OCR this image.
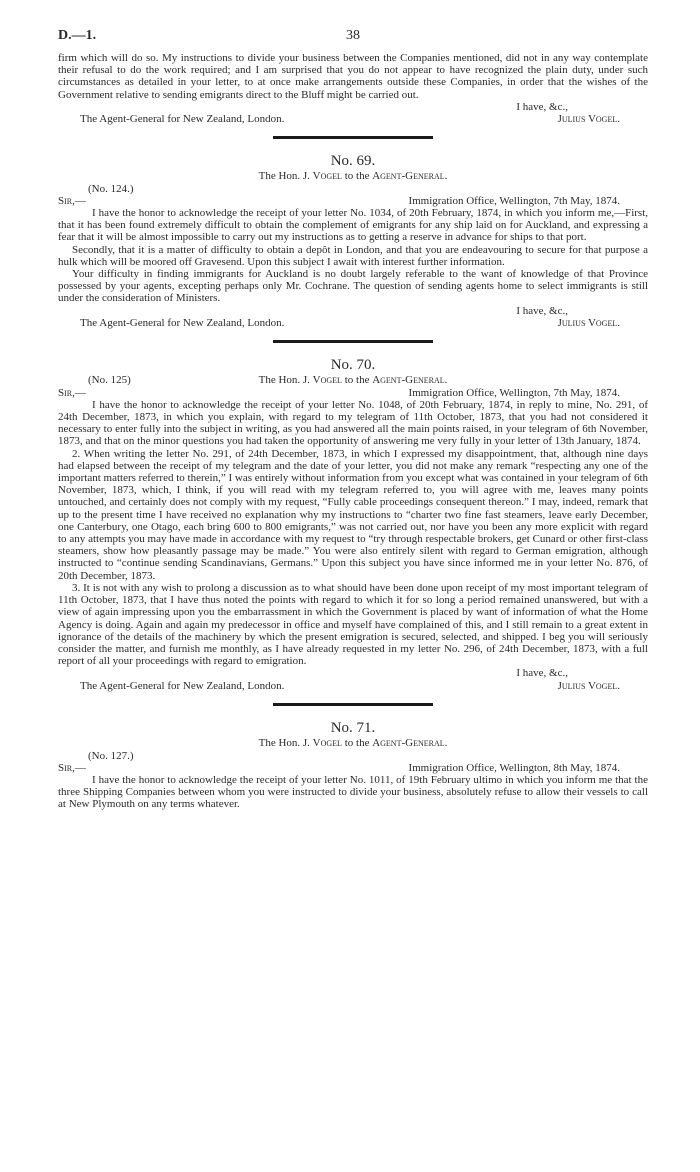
D.—1.	38

firm which will do so. My instructions to divide your business between the Companies mentioned, did not in any way contemplate their refusal to do the work required; and I am surprised that you do not appear to have recognized the plain duty, under such circumstances as detailed in your letter, to at once make arrangements outside these Companies, in order that the wishes of the Government relative to sending emigrants direct to the Bluff might be carried out.

I have, &c.,
The Agent-General for New Zealand, London.	Julius Vogel.
No. 69.
The Hon. J. Vogel to the Agent-General.
(No. 124.)
Sir,—	Immigration Office, Wellington, 7th May, 1874.

I have the honor to acknowledge the receipt of your letter No. 1034, of 20th February, 1874, in which you inform me,—First, that it has been found extremely difficult to obtain the complement of emigrants for any ship laid on for Auckland, and expressing a fear that it will be almost impossible to carry out my instructions as to getting a reserve in advance for ships to that port.

Secondly, that it is a matter of difficulty to obtain a depôt in London, and that you are endeavouring to secure for that purpose a hulk which will be moored off Gravesend. Upon this subject I await with interest further information.

Your difficulty in finding immigrants for Auckland is no doubt largely referable to the want of knowledge of that Province possessed by your agents, excepting perhaps only Mr. Cochrane. The question of sending agents home to select immigrants is still under the consideration of Ministers.

I have, &c.,
The Agent-General for New Zealand, London.	Julius Vogel.
No. 70.
(No. 125)	The Hon. J. Vogel to the Agent-General.
Sir,—	Immigration Office, Wellington, 7th May, 1874.

I have the honor to acknowledge the receipt of your letter No. 1048, of 20th February, 1874, in reply to mine, No. 291, of 24th December, 1873, in which you explain, with regard to my telegram of 11th October, 1873, that you had not considered it necessary to enter fully into the subject in writing, as you had answered all the main points raised, in your telegram of 6th November, 1873, and that on the minor questions you had taken the opportunity of answering me very fully in your letter of 13th January, 1874.

2. When writing the letter No. 291, of 24th December, 1873, in which I expressed my disappointment, that, although nine days had elapsed between the receipt of my telegram and the date of your letter, you did not make any remark “respecting any one of the important matters referred to therein,” I was entirely without information from you except what was contained in your telegram of 6th November, 1873, which, I think, if you will read with my telegram referred to, you will agree with me, leaves many points untouched, and certainly does not comply with my request, “Fully cable proceedings consequent thereon.” I may, indeed, remark that up to the present time I have received no explanation why my instructions to “charter two fine fast steamers, leave early December, one Canterbury, one Otago, each bring 600 to 800 emigrants,” was not carried out, nor have you been any more explicit with regard to any attempts you may have made in accordance with my request to “try through respectable brokers, get Cunard or other first-class steamers, show how pleasantly passage may be made.” You were also entirely silent with regard to German emigration, although instructed to “continue sending Scandinavians, Germans.” Upon this subject you have since informed me in your letter No. 876, of 20th December, 1873.

3. It is not with any wish to prolong a discussion as to what should have been done upon receipt of my most important telegram of 11th October, 1873, that I have thus noted the points with regard to which it for so long a period remained unanswered, but with a view of again impressing upon you the embarrassment in which the Government is placed by want of information of what the Home Agency is doing. Again and again my predecessor in office and myself have complained of this, and I still remain to a great extent in ignorance of the details of the machinery by which the present emigration is secured, selected, and shipped. I beg you will seriously consider the matter, and furnish me monthly, as I have already requested in my letter No. 296, of 24th December, 1873, with a full report of all your proceedings with regard to emigration.

I have, &c.,
The Agent-General for New Zealand, London.	Julius Vogel.
No. 71.
The Hon. J. Vogel to the Agent-General.
(No. 127.)
Sir,—	Immigration Office, Wellington, 8th May, 1874.

I have the honor to acknowledge the receipt of your letter No. 1011, of 19th February ultimo in which you inform me that the three Shipping Companies between whom you were instructed to divide your business, absolutely refuse to allow their vessels to call at New Plymouth on any terms whatever.
